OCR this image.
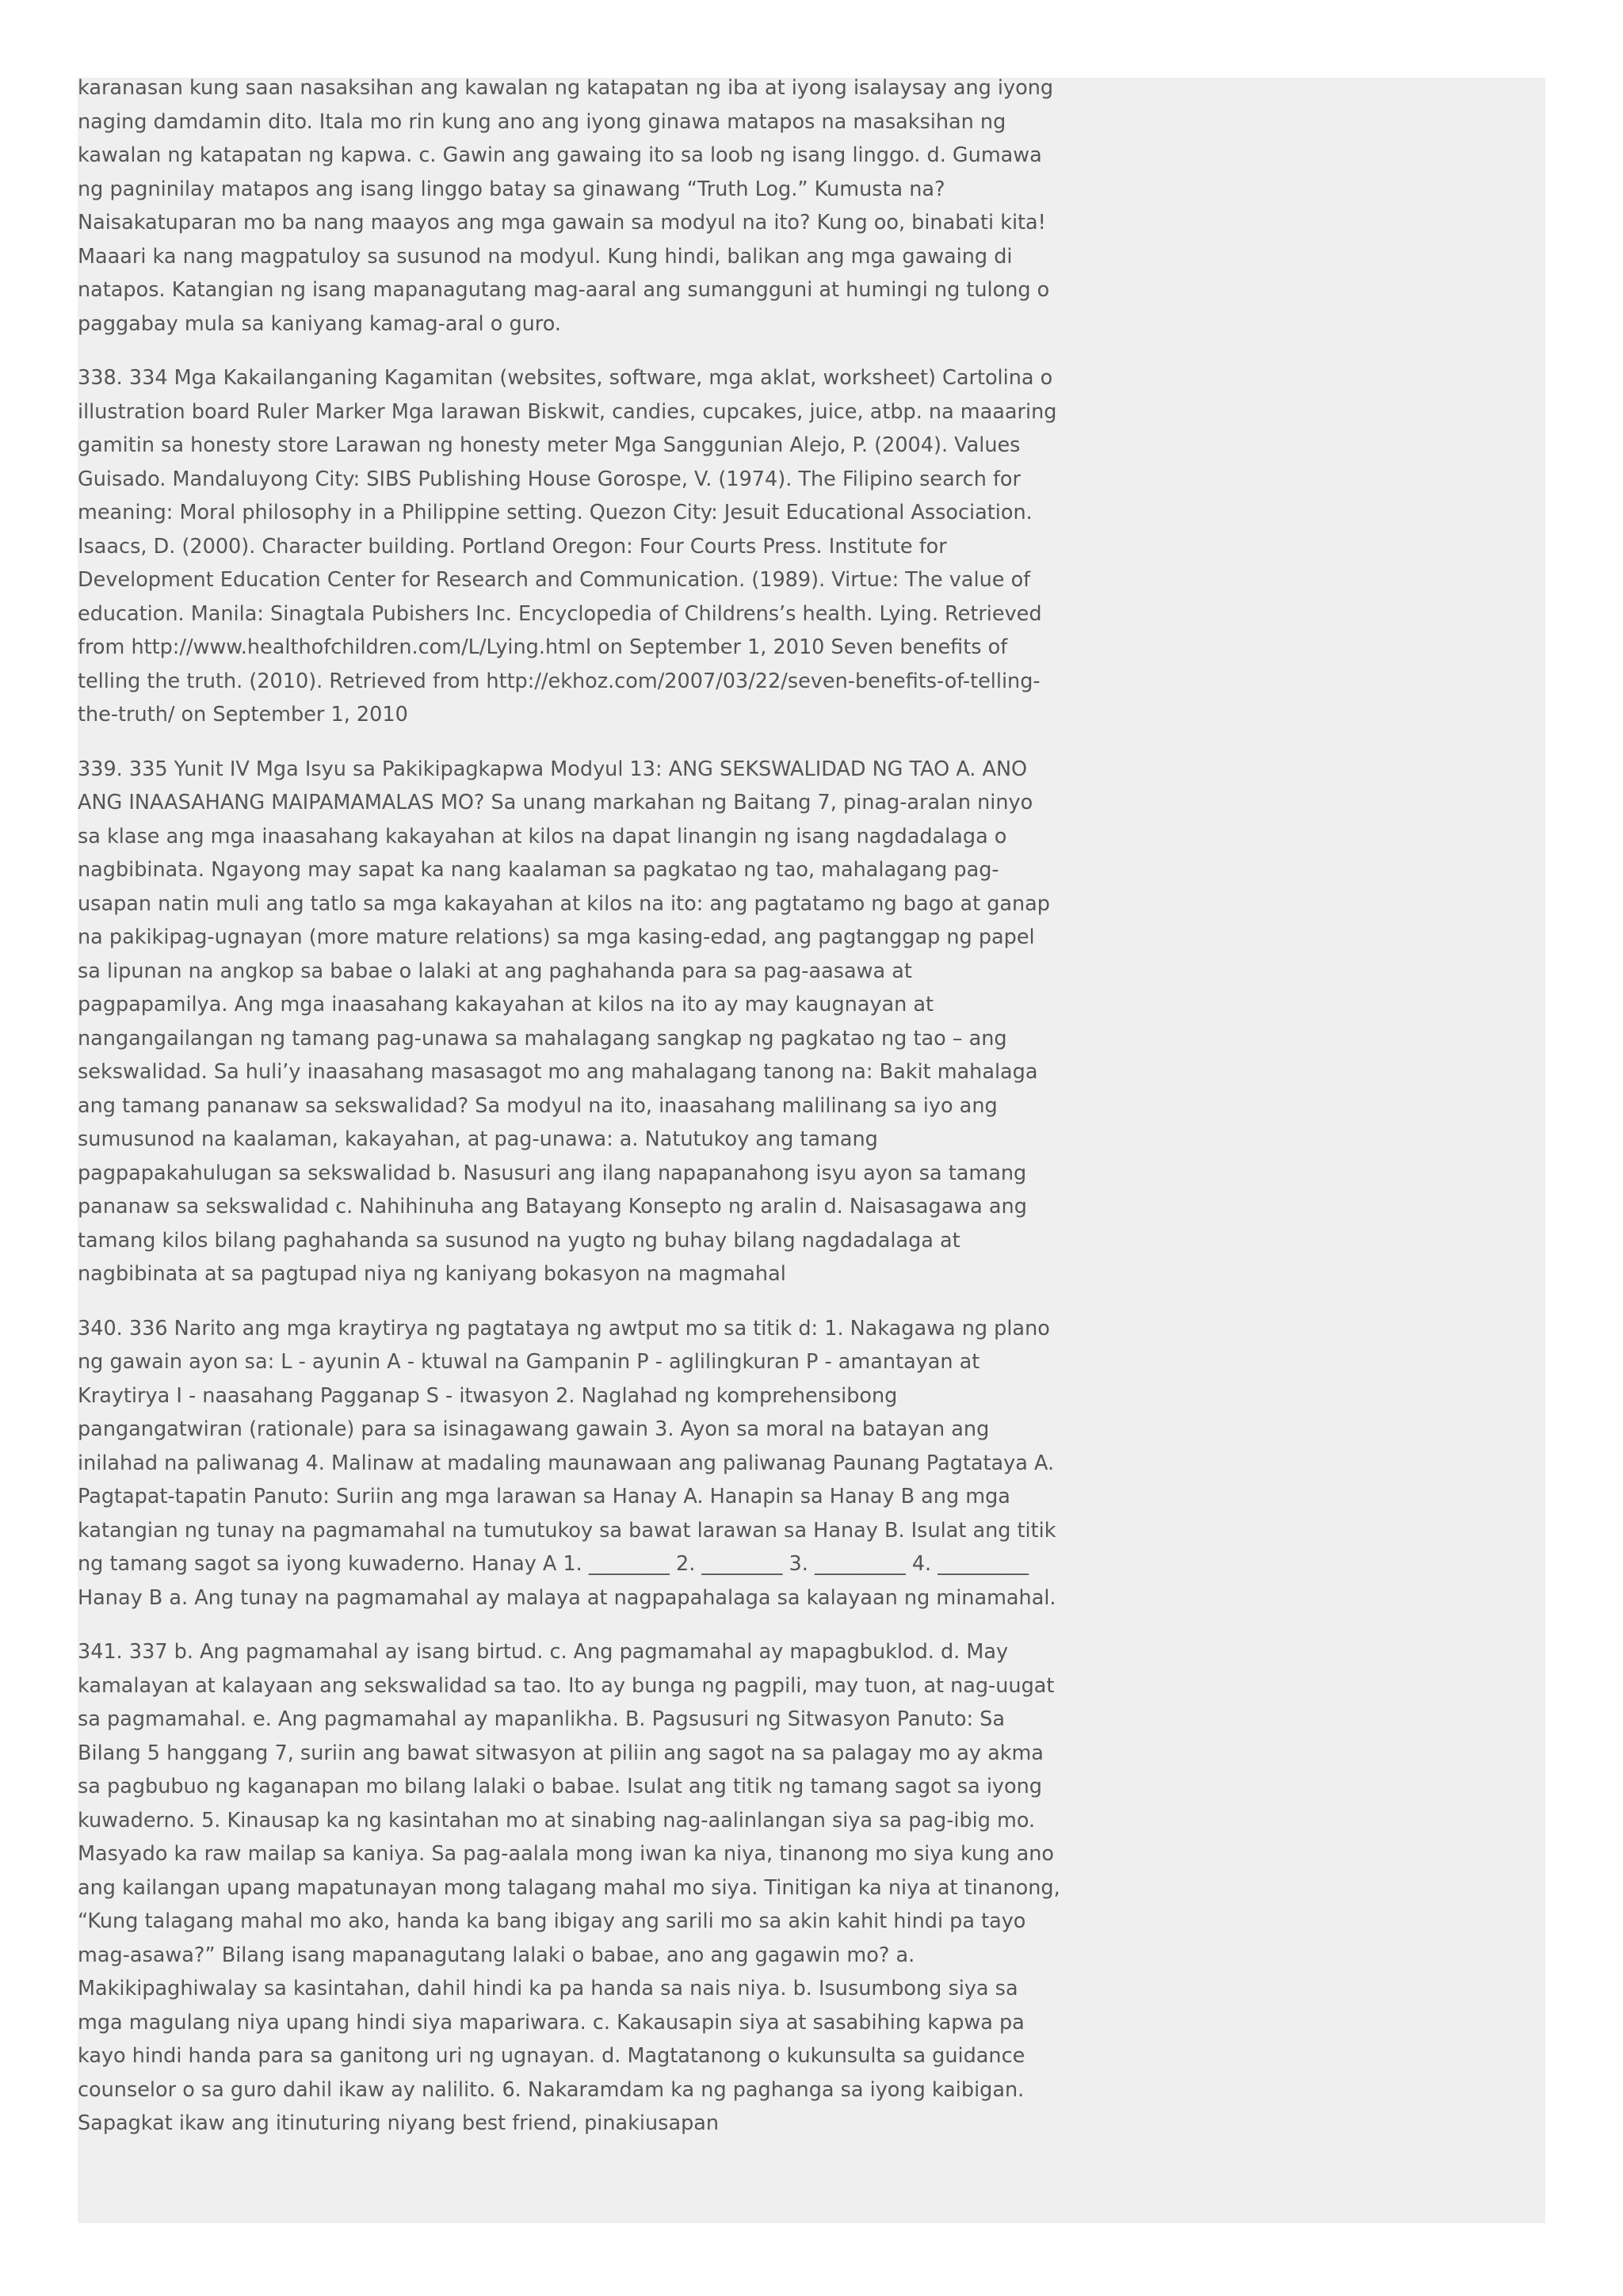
karanasan kung saan nasaksihan ang kawalan ng katapatan ng iba at iyong isalaysay ang iyong naging damdamin dito. Itala mo rin kung ano ang iyong ginawa matapos na masaksihan ng kawalan ng katapatan ng kapwa. c. Gawin ang gawaing ito sa loob ng isang linggo. d. Gumawa ng pagninilay matapos ang isang linggo batay sa ginawang “Truth Log.” Kumusta na? Naisakatuparan mo ba nang maayos ang mga gawain sa modyul na ito? Kung oo, binabati kita! Maaari ka nang magpatuloy sa susunod na modyul. Kung hindi, balikan ang mga gawaing di natapos. Katangian ng isang mapanagutang mag-aaral ang sumangguni at humingi ng tulong o paggabay mula sa kaniyang kamag-aral o guro.

338. 334 Mga Kakailanganing Kagamitan (websites, software, mga aklat, worksheet) Cartolina o illustration board Ruler Marker Mga larawan Biskwit, candies, cupcakes, juice, atbp. na maaaring gamitin sa honesty store Larawan ng honesty meter Mga Sanggunian Alejo, P. (2004). Values Guisado. Mandaluyong City: SIBS Publishing House Gorospe, V. (1974). The Filipino search for meaning: Moral philosophy in a Philippine setting. Quezon City: Jesuit Educational Association. Isaacs, D. (2000). Character building. Portland Oregon: Four Courts Press. Institute for Development Education Center for Research and Communication. (1989). Virtue: The value of education. Manila: Sinagtala Pubishers Inc. Encyclopedia of Childrens’s health. Lying. Retrieved from http://www.healthofchildren.com/L/Lying.html on September 1, 2010 Seven benefits of telling the truth. (2010). Retrieved from http://ekhoz.com/2007/03/22/seven-benefits-of-telling-the-truth/ on September 1, 2010

339. 335 Yunit IV Mga Isyu sa Pakikipagkapwa Modyul 13: ANG SEKSWALIDAD NG TAO A. ANO ANG INAASAHANG MAIPAMAMALAS MO? Sa unang markahan ng Baitang 7, pinag-aralan ninyo sa klase ang mga inaasahang kakayahan at kilos na dapat linangin ng isang nagdadalaga o nagbibinata. Ngayong may sapat ka nang kaalaman sa pagkatao ng tao, mahalagang pag-usapan natin muli ang tatlo sa mga kakayahan at kilos na ito: ang pagtatamo ng bago at ganap na pakikipag-ugnayan (more mature relations) sa mga kasing-edad, ang pagtanggap ng papel sa lipunan na angkop sa babae o lalaki at ang paghahanda para sa pag-aasawa at pagpapamilya. Ang mga inaasahang kakayahan at kilos na ito ay may kaugnayan at nangangailangan ng tamang pag-unawa sa mahalagang sangkap ng pagkatao ng tao – ang sekswalidad. Sa huli’y inaasahang masasagot mo ang mahalagang tanong na: Bakit mahalaga ang tamang pananaw sa sekswalidad? Sa modyul na ito, inaasahang malilinang sa iyo ang sumusunod na kaalaman, kakayahan, at pag-unawa: a. Natutukoy ang tamang pagpapakahulugan sa sekswalidad b. Nasusuri ang ilang napapanahong isyu ayon sa tamang pananaw sa sekswalidad c. Nahihinuha ang Batayang Konsepto ng aralin d. Naisasagawa ang tamang kilos bilang paghahanda sa susunod na yugto ng buhay bilang nagdadalaga at nagbibinata at sa pagtupad niya ng kaniyang bokasyon na magmahal

340. 336 Narito ang mga kraytirya ng pagtataya ng awtput mo sa titik d: 1. Nakagawa ng plano ng gawain ayon sa: L - ayunin A - ktuwal na Gampanin P - aglilingkuran P - amantayan at Kraytirya I - naasahang Pagganap S - itwasyon 2. Naglahad ng komprehensibong pangangatwiran (rationale) para sa isinagawang gawain 3. Ayon sa moral na batayan ang inilahad na paliwanag 4. Malinaw at madaling maunawaan ang paliwanag Paunang Pagtataya A. Pagtapat-tapatin Panuto: Suriin ang mga larawan sa Hanay A. Hanapin sa Hanay B ang mga katangian ng tunay na pagmamahal na tumutukoy sa bawat larawan sa Hanay B. Isulat ang titik ng tamang sagot sa iyong kuwaderno. Hanay A 1. ________ 2. ________ 3. _________ 4. _________ Hanay B a. Ang tunay na pagmamahal ay malaya at nagpapahalaga sa kalayaan ng minamahal.

341. 337 b. Ang pagmamahal ay isang birtud. c. Ang pagmamahal ay mapagbuklod. d. May kamalayan at kalayaan ang sekswalidad sa tao. Ito ay bunga ng pagpili, may tuon, at nag-uugat sa pagmamahal. e. Ang pagmamahal ay mapanlikha. B. Pagsusuri ng Sitwasyon Panuto: Sa Bilang 5 hanggang 7, suriin ang bawat sitwasyon at piliin ang sagot na sa palagay mo ay akma sa pagbubuo ng kaganapan mo bilang lalaki o babae. Isulat ang titik ng tamang sagot sa iyong kuwaderno. 5. Kinausap ka ng kasintahan mo at sinabing nag-aalinlangan siya sa pag-ibig mo. Masyado ka raw mailap sa kaniya. Sa pag-aalala mong iwan ka niya, tinanong mo siya kung ano ang kailangan upang mapatunayan mong talagang mahal mo siya. Tinitigan ka niya at tinanong, “Kung talagang mahal mo ako, handa ka bang ibigay ang sarili mo sa akin kahit hindi pa tayo mag-asawa?” Bilang isang mapanagutang lalaki o babae, ano ang gagawin mo? a. Makikipaghiwalay sa kasintahan, dahil hindi ka pa handa sa nais niya. b. Isusumbong siya sa mga magulang niya upang hindi siya mapariwara. c. Kakausapin siya at sasabihing kapwa pa kayo hindi handa para sa ganitong uri ng ugnayan. d. Magtatanong o kukunsulta sa guidance counselor o sa guro dahil ikaw ay nalilito. 6. Nakaramdam ka ng paghanga sa iyong kaibigan. Sapagkat ikaw ang itinuturing niyang best friend, pinakiusapan
